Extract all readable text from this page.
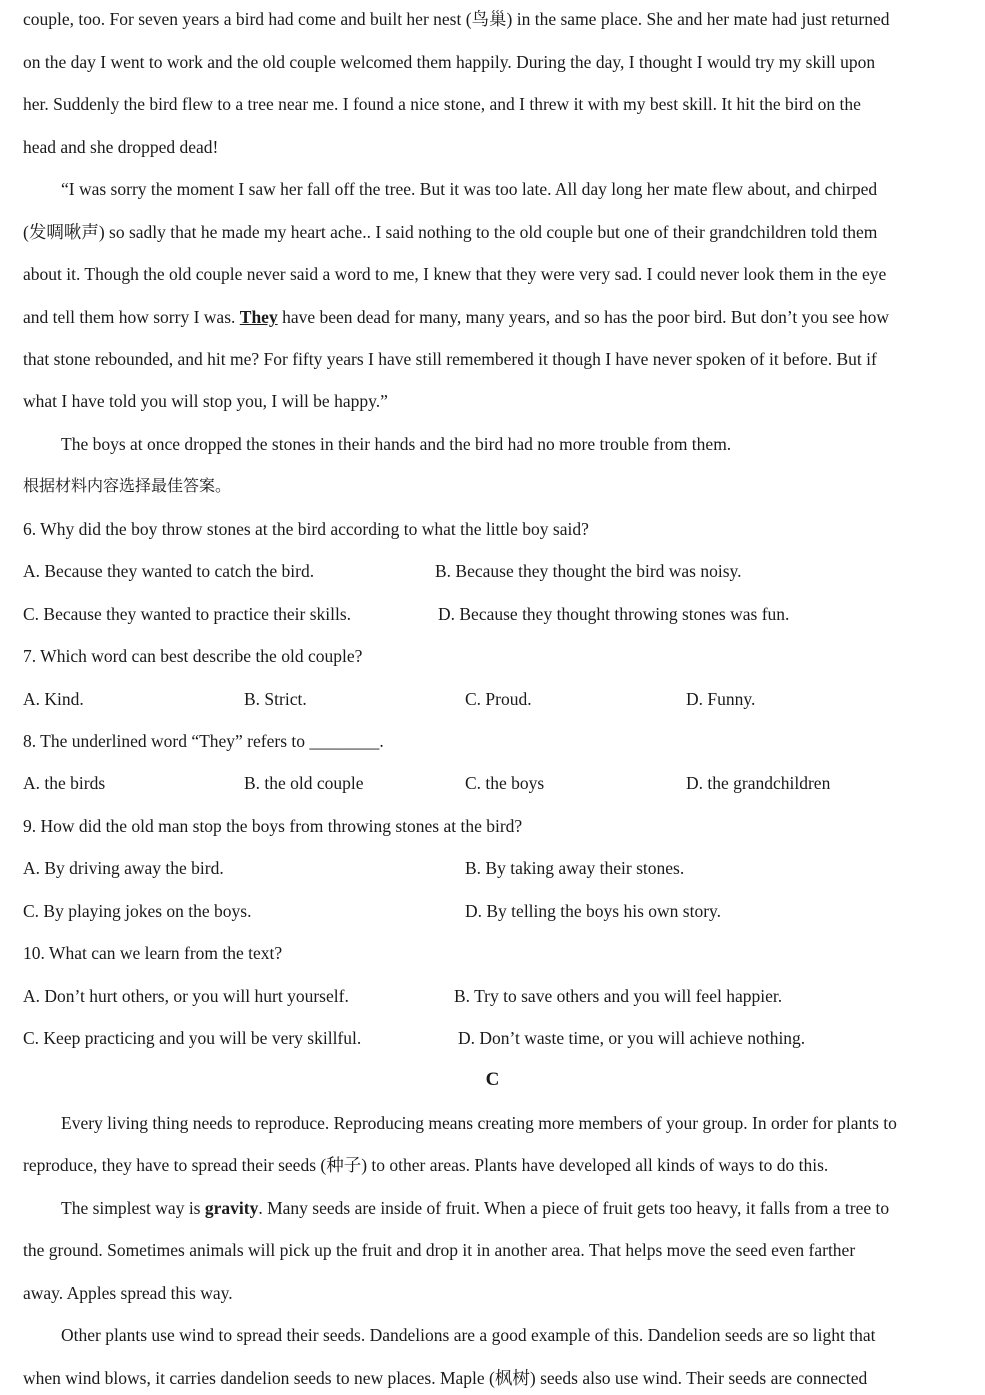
couple, too. For seven years a bird had come and built her nest (鸟巢) in the same place. She and her mate had just returned
on the day I went to work and the old couple welcomed them happily. During the day, I thought I would try my skill upon
her. Suddenly the bird flew to a tree near me. I found a nice stone, and I threw it with my best skill. It hit the bird on the
head and she dropped dead!
“I was sorry the moment I saw her fall off the tree. But it was too late. All day long her mate flew about, and chirped
(发啁啾声) so sadly that he made my heart ache.. I said nothing to the old couple but one of their grandchildren told them
about it. Though the old couple never said a word to me, I knew that they were very sad. I could never look them in the eye
and tell them how sorry I was. They have been dead for many, many years, and so has the poor bird. But don’t you see how
that stone rebounded, and hit me? For fifty years I have still remembered it though I have never spoken of it before. But if
what I have told you will stop you, I will be happy.”
The boys at once dropped the stones in their hands and the bird had no more trouble from them.
根据材料内容选择最佳答案。
6. Why did the boy throw stones at the bird according to what the little boy said?
A. Because they wanted to catch the bird.	B. Because they thought the bird was noisy.
C. Because they wanted to practice their skills.	D. Because they thought throwing stones was fun.
7. Which word can best describe the old couple?
A. Kind.	B. Strict.	C. Proud.	D. Funny.
8. The underlined word “They” refers to ________.
A. the birds	B. the old couple	C. the boys	D. the grandchildren
9. How did the old man stop the boys from throwing stones at the bird?
A. By driving away the bird.	B. By taking away their stones.
C. By playing jokes on the boys.	D. By telling the boys his own story.
10. What can we learn from the text?
A. Don’t hurt others, or you will hurt yourself.	B. Try to save others and you will feel happier.
C. Keep practicing and you will be very skillful.	D. Don’t waste time, or you will achieve nothing.
C
Every living thing needs to reproduce. Reproducing means creating more members of your group. In order for plants to
reproduce, they have to spread their seeds (种子) to other areas. Plants have developed all kinds of ways to do this.
The simplest way is gravity. Many seeds are inside of fruit. When a piece of fruit gets too heavy, it falls from a tree to
the ground. Sometimes animals will pick up the fruit and drop it in another area. That helps move the seed even farther
away. Apples spread this way.
Other plants use wind to spread their seeds. Dandelions are a good example of this. Dandelion seeds are so light that
when wind blows, it carries dandelion seeds to new places. Maple (枫树) seeds also use wind. Their seeds are connected
